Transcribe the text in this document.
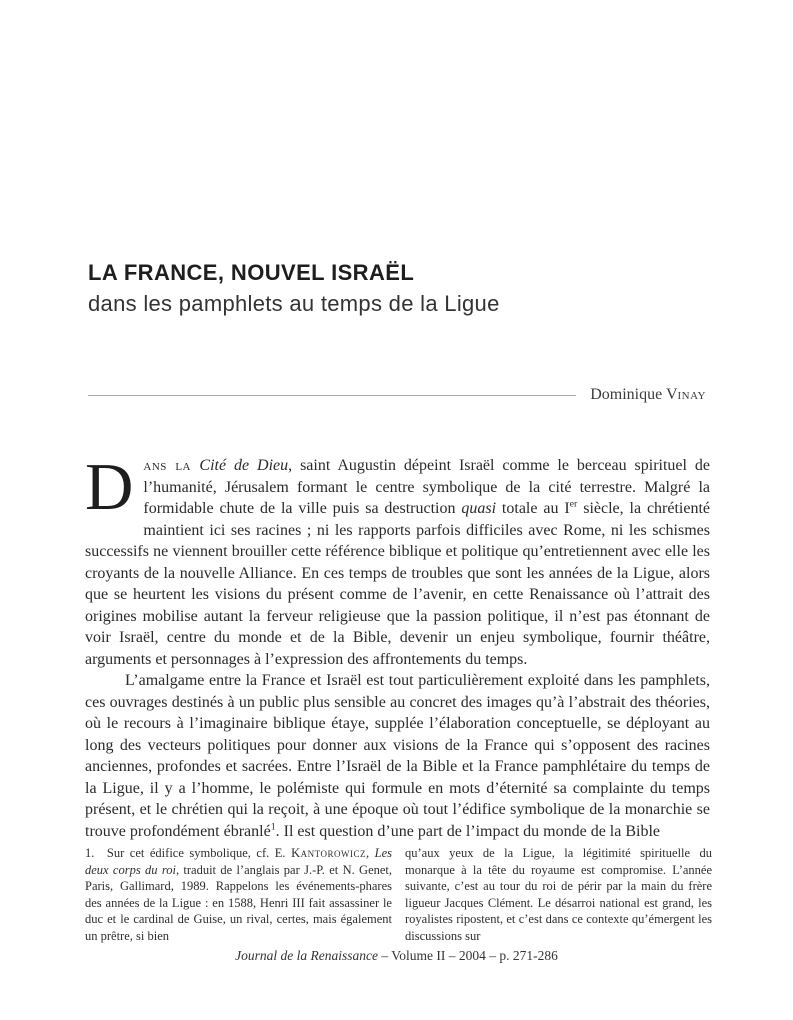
LA FRANCE, NOUVEL ISRAËL
dans les pamphlets au temps de la Ligue
Dominique Vinay

Dans la Cité de Dieu, saint Augustin dépeint Israël comme le berceau spirituel de l’humanité, Jérusalem formant le centre symbolique de la cité terrestre. Malgré la formidable chute de la ville puis sa destruction quasi totale au Ier siècle, la chrétienté maintient ici ses racines ; ni les rapports parfois difficiles avec Rome, ni les schismes successifs ne viennent brouiller cette référence biblique et politique qu’entretiennent avec elle les croyants de la nouvelle Alliance. En ces temps de troubles que sont les années de la Ligue, alors que se heurtent les visions du présent comme de l’avenir, en cette Renaissance où l’attrait des origines mobilise autant la ferveur religieuse que la passion politique, il n’est pas étonnant de voir Israël, centre du monde et de la Bible, devenir un enjeu symbolique, fournir théâtre, arguments et personnages à l’expression des affrontements du temps.

L’amalgame entre la France et Israël est tout particulièrement exploité dans les pamphlets, ces ouvrages destinés à un public plus sensible au concret des images qu’à l’abstrait des théories, où le recours à l’imaginaire biblique étaye, supplée l’élaboration conceptuelle, se déployant au long des vecteurs politiques pour donner aux visions de la France qui s’opposent des racines anciennes, profondes et sacrées. Entre l’Israël de la Bible et la France pamphlétaire du temps de la Ligue, il y a l’homme, le polémiste qui formule en mots d’éternité sa complainte du temps présent, et le chrétien qui la reçoit, à une époque où tout l’édifice symbolique de la monarchie se trouve profondément ébranlé$^1$. Il est question d’une part de l’impact du monde de la Bible

1. Sur cet édifice symbolique, cf. E. Kantorowicz, Les deux corps du roi, traduit de l’anglais par J.-P. et N. Genet, Paris, Gallimard, 1989. Rappelons les événements-phares des années de la Ligue : en 1588, Henri III fait assassiner le duc et le cardinal de Guise, un rival, certes, mais également un prêtre, si bien

qu’aux yeux de la Ligue, la légitimité spirituelle du monarque à la tête du royaume est compromise. L’année suivante, c’est au tour du roi de périr par la main du frère ligueur Jacques Clément. Le désarroi national est grand, les royalistes ripostent, et c’est dans ce contexte qu’émergent les discussions sur

Journal de la Renaissance – Volume II – 2004 – p. 271-286
